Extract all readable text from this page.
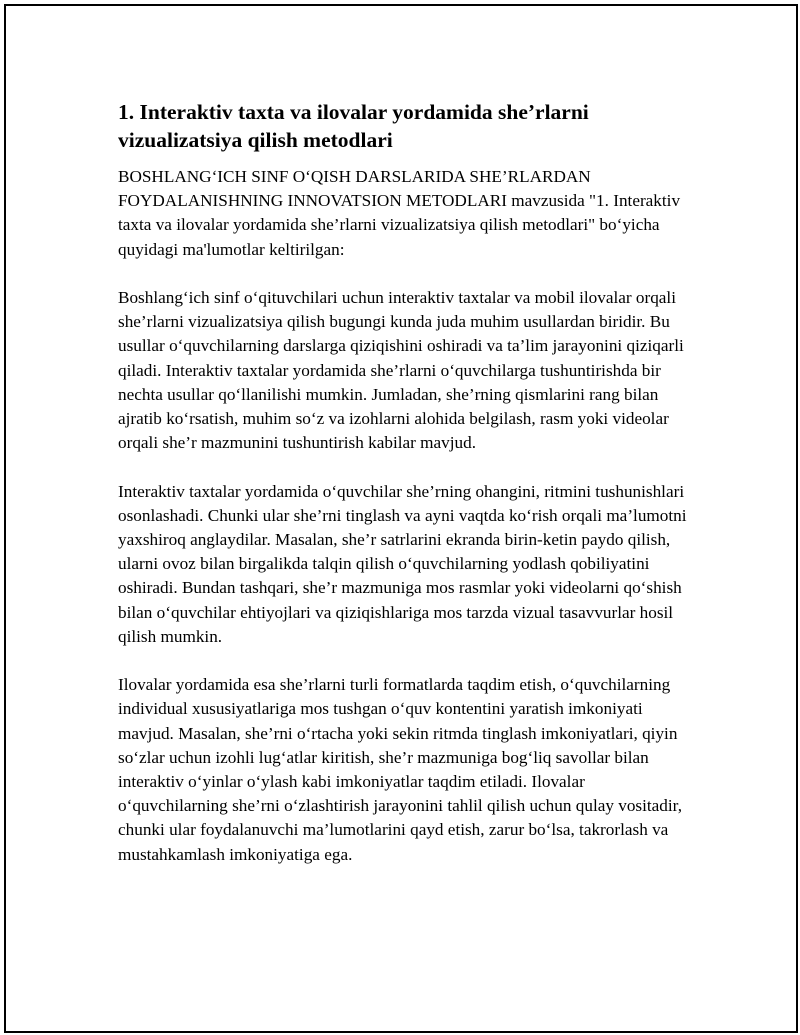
1. Interaktiv taxta va ilovalar yordamida she’rlarni vizualizatsiya qilish metodlari

BOSHLANG‘ICH SINF O‘QISH DARSLARIDA SHE’RLARDAN FOYDALANISHNING INNOVATSION METODLARI mavzusida "1. Interaktiv taxta va ilovalar yordamida she’rlarni vizualizatsiya qilish metodlari" bo‘yicha quyidagi ma'lumotlar keltirilgan:

Boshlang‘ich sinf o‘qituvchilari uchun interaktiv taxtalar va mobil ilovalar orqali she’rlarni vizualizatsiya qilish bugungi kunda juda muhim usullardan biridir. Bu usullar o‘quvchilarning darslarga qiziqishini oshiradi va ta’lim jarayonini qiziqarli qiladi. Interaktiv taxtalar yordamida she’rlarni o‘quvchilarga tushuntirishda bir nechta usullar qo‘llanilishi mumkin. Jumladan, she’rning qismlarini rang bilan ajratib ko‘rsatish, muhim so‘z va izohlarni alohida belgilash, rasm yoki videolar orqali she’r mazmunini tushuntirish kabilar mavjud.

Interaktiv taxtalar yordamida o‘quvchilar she’rning ohangini, ritmini tushunishlari osonlashadi. Chunki ular she’rni tinglash va ayni vaqtda ko‘rish orqali ma’lumotni yaxshiroq anglaydilar. Masalan, she’r satrlarini ekranda birin-ketin paydo qilish, ularni ovoz bilan birgalikda talqin qilish o‘quvchilarning yodlash qobiliyatini oshiradi. Bundan tashqari, she’r mazmuniga mos rasmlar yoki videolarni qo‘shish bilan o‘quvchilar ehtiyojlari va qiziqishlariga mos tarzda vizual tasavvurlar hosil qilish mumkin.

Ilovalar yordamida esa she’rlarni turli formatlarda taqdim etish, o‘quvchilarning individual xususiyatlariga mos tushgan o‘quv kontentini yaratish imkoniyati mavjud. Masalan, she’rni o‘rtacha yoki sekin ritmda tinglash imkoniyatlari, qiyin so‘zlar uchun izohli lug‘atlar kiritish, she’r mazmuniga bog‘liq savollar bilan interaktiv o‘yinlar o‘ylash kabi imkoniyatlar taqdim etiladi. Ilovalar o‘quvchilarning she’rni o‘zlashtirish jarayonini tahlil qilish uchun qulay vositadir, chunki ular foydalanuvchi ma’lumotlarini qayd etish, zarur bo‘lsa, takrorlash va mustahkamlash imkoniyatiga ega.
